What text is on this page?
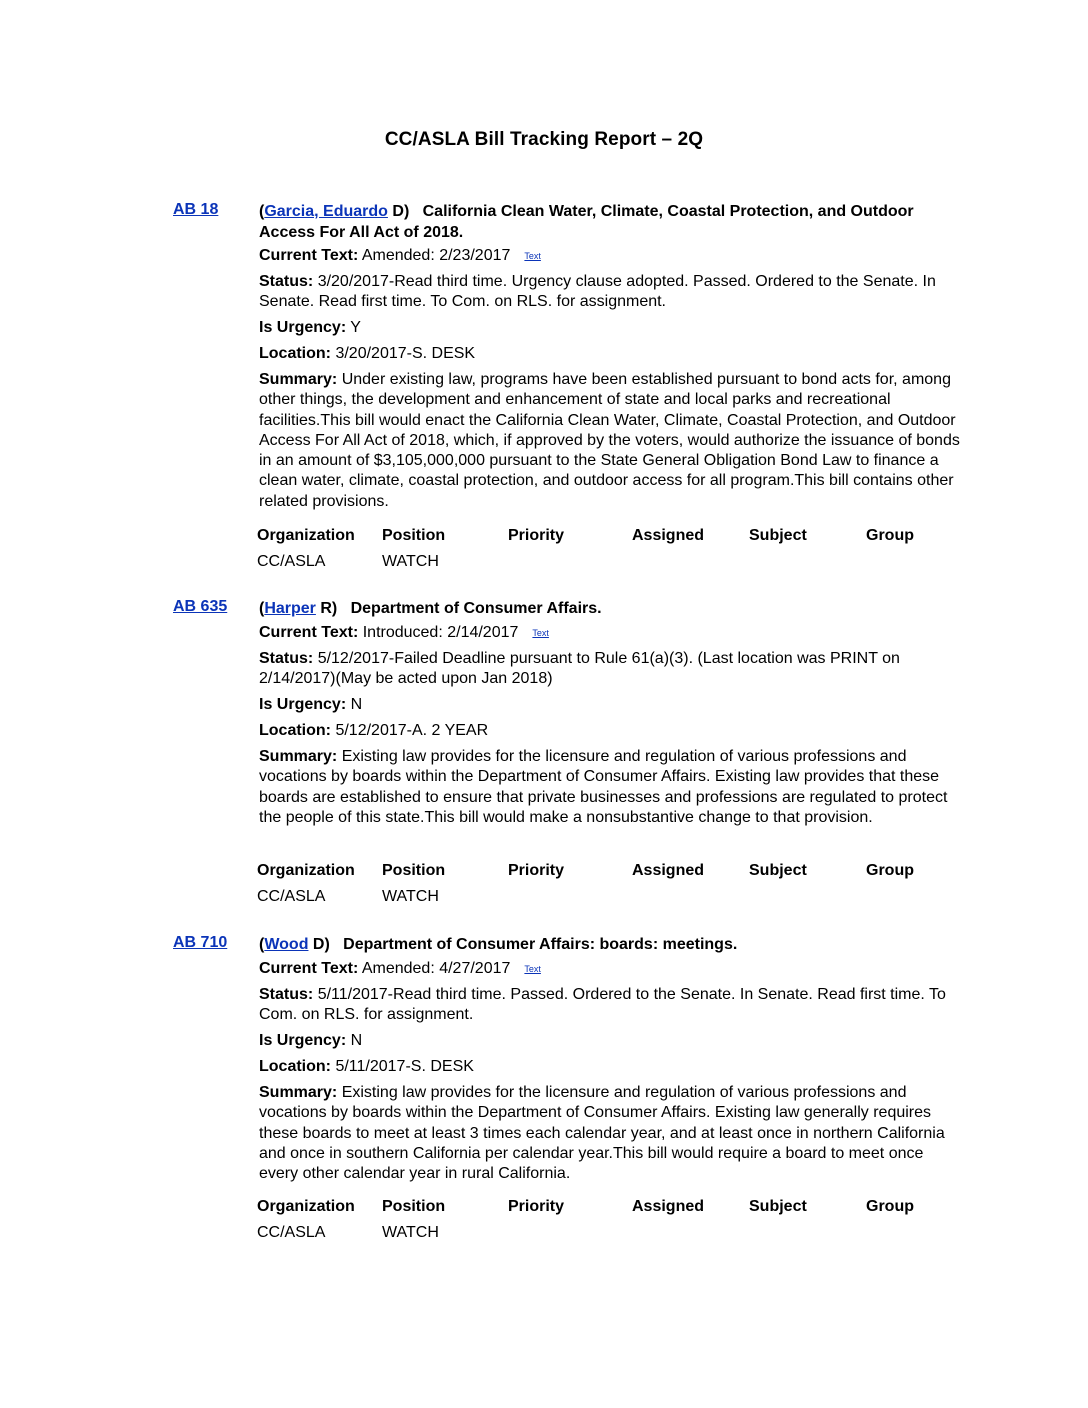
CC/ASLA Bill Tracking Report – 2Q
AB 18	(Garcia, Eduardo D)   California Clean Water, Climate, Coastal Protection, and Outdoor Access For All Act of 2018.
Current Text: Amended: 2/23/2017 Text
Status: 3/20/2017-Read third time. Urgency clause adopted. Passed. Ordered to the Senate. In Senate. Read first time. To Com. on RLS. for assignment.
Is Urgency: Y
Location: 3/20/2017-S. DESK
Summary: Under existing law, programs have been established pursuant to bond acts for, among other things, the development and enhancement of state and local parks and recreational facilities.This bill would enact the California Clean Water, Climate, Coastal Protection, and Outdoor Access For All Act of 2018, which, if approved by the voters, would authorize the issuance of bonds in an amount of $3,105,000,000 pursuant to the State General Obligation Bond Law to finance a clean water, climate, coastal protection, and outdoor access for all program.This bill contains other related provisions.
Organization Position	Priority	Assigned	Subject	Group
CC/ASLA	WATCH
AB 635 (Harper R)   Department of Consumer Affairs.
Current Text: Introduced: 2/14/2017 Text
Status: 5/12/2017-Failed Deadline pursuant to Rule 61(a)(3). (Last location was PRINT on 2/14/2017)(May be acted upon Jan 2018)
Is Urgency: N
Location: 5/12/2017-A. 2 YEAR
Summary: Existing law provides for the licensure and regulation of various professions and vocations by boards within the Department of Consumer Affairs. Existing law provides that these boards are established to ensure that private businesses and professions are regulated to protect the people of this state.This bill would make a nonsubstantive change to that provision.
Organization Position	Priority	Assigned	Subject	Group
CC/ASLA	WATCH
AB 710 (Wood D)   Department of Consumer Affairs: boards: meetings.
Current Text: Amended: 4/27/2017 Text
Status: 5/11/2017-Read third time. Passed. Ordered to the Senate. In Senate. Read first time. To Com. on RLS. for assignment.
Is Urgency: N
Location: 5/11/2017-S. DESK
Summary: Existing law provides for the licensure and regulation of various professions and vocations by boards within the Department of Consumer Affairs. Existing law generally requires these boards to meet at least 3 times each calendar year, and at least once in northern California and once in southern California per calendar year.This bill would require a board to meet once every other calendar year in rural California.
Organization Position	Priority	Assigned	Subject	Group
CC/ASLA	WATCH
